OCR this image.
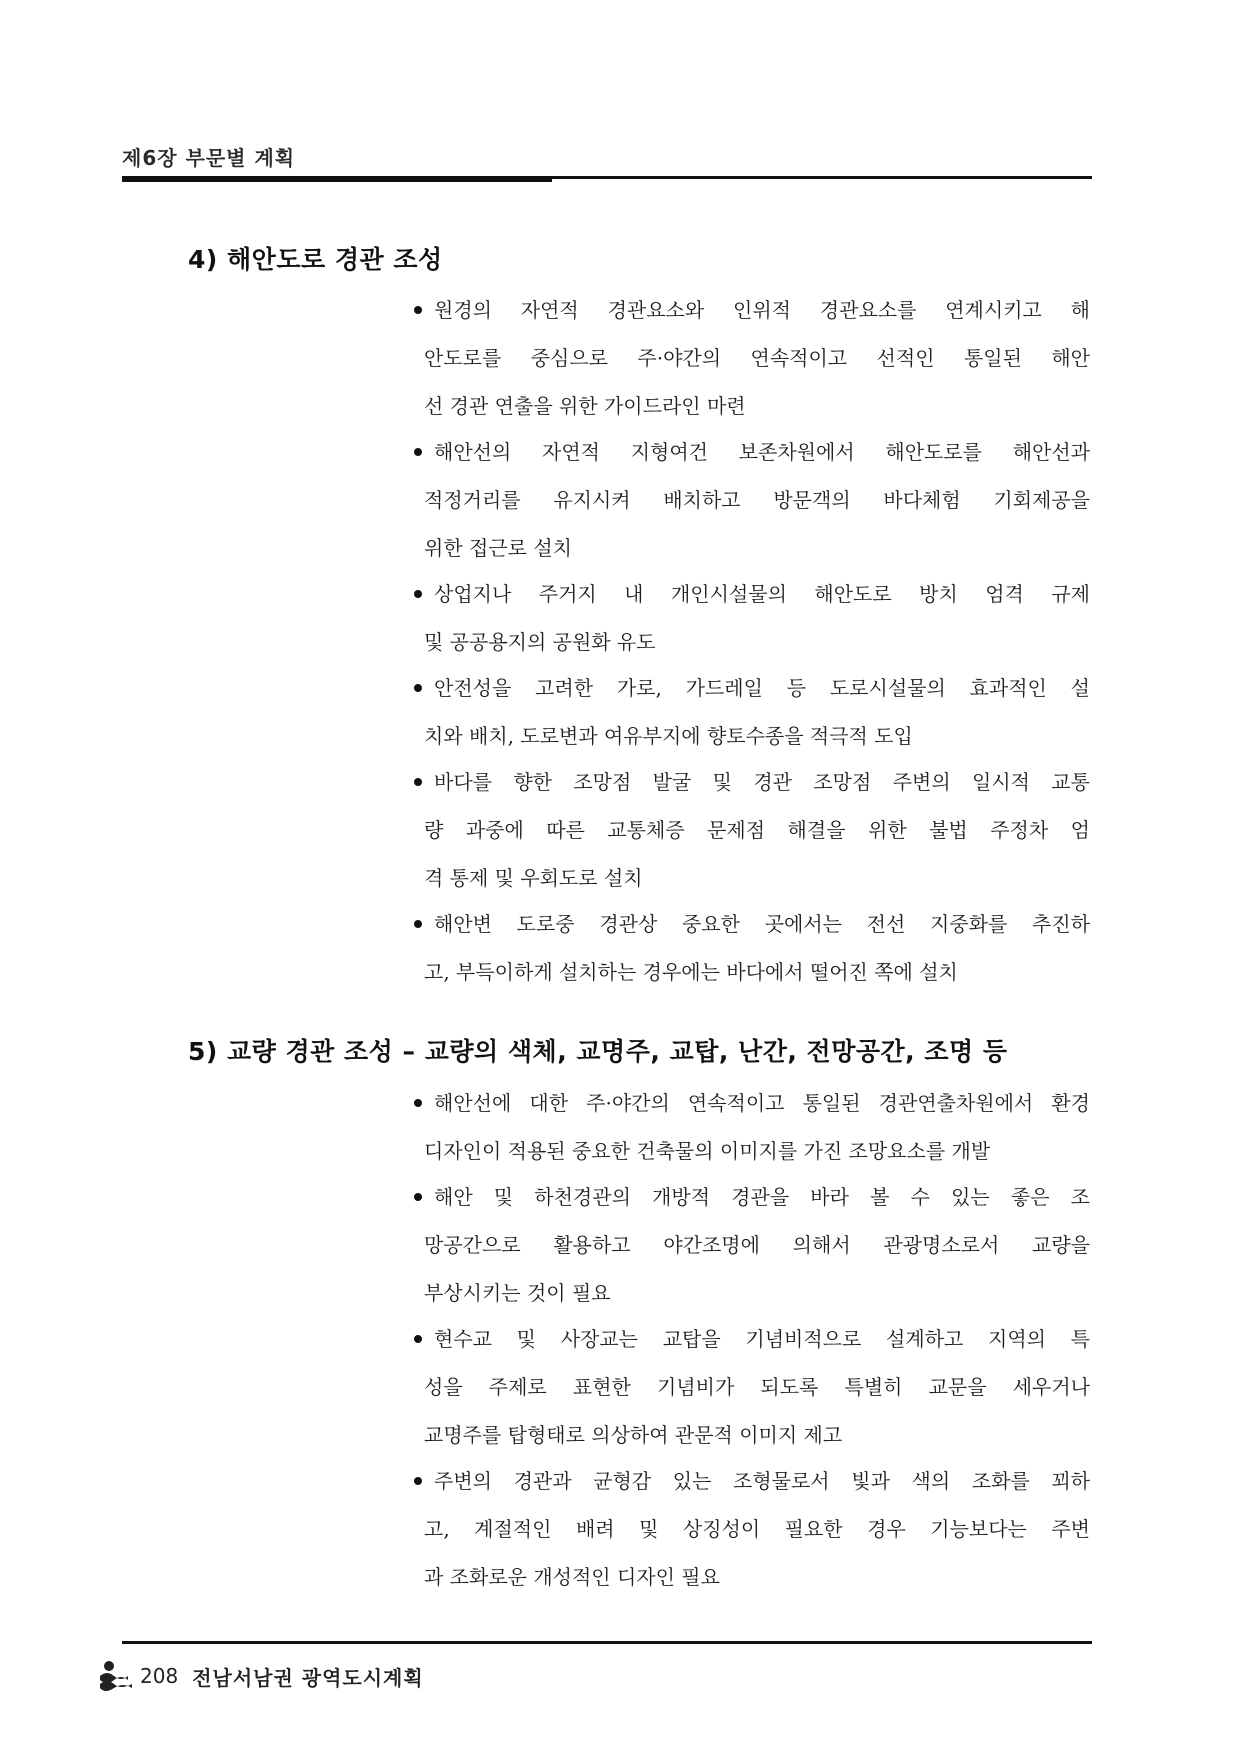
제6장 부문별 계획
4) 해안도로 경관 조성
원경의 자연적 경관요소와 인위적 경관요소를 연계시키고 해
안도로를 중심으로 주·야간의 연속적이고 선적인 통일된 해안
선 경관 연출을 위한 가이드라인 마련
해안선의 자연적 지형여건 보존차원에서 해안도로를 해안선과
적정거리를 유지시켜 배치하고 방문객의 바다체험 기회제공을
위한 접근로 설치
상업지나 주거지 내 개인시설물의 해안도로 방치 엄격 규제
및 공공용지의 공원화 유도
안전성을 고려한 가로, 가드레일 등 도로시설물의 효과적인 설
치와 배치, 도로변과 여유부지에 향토수종을 적극적 도입
바다를 향한 조망점 발굴 및 경관 조망점 주변의 일시적 교통
량 과중에 따른 교통체증 문제점 해결을 위한 불법 주정차 엄
격 통제 및 우회도로 설치
해안변 도로중 경관상 중요한 곳에서는 전선 지중화를 추진하
고, 부득이하게 설치하는 경우에는 바다에서 떨어진 쪽에 설치
5) 교량 경관 조성 – 교량의 색체, 교명주, 교탑, 난간, 전망공간, 조명 등
해안선에 대한 주·야간의 연속적이고 통일된 경관연출차원에서 환경
디자인이 적용된 중요한 건축물의 이미지를 가진 조망요소를 개발
해안 및 하천경관의 개방적 경관을 바라 볼 수 있는 좋은 조
망공간으로 활용하고 야간조명에 의해서 관광명소로서 교량을
부상시키는 것이 필요
현수교 및 사장교는 교탑을 기념비적으로 설계하고 지역의 특
성을 주제로 표현한 기념비가 되도록 특별히 교문을 세우거나
교명주를 탑형태로 의상하여 관문적 이미지 제고
주변의 경관과 균형감 있는 조형물로서 빛과 색의 조화를 꾀하
고, 계절적인 배려 및 상징성이 필요한 경우 기능보다는 주변
과 조화로운 개성적인 디자인 필요
208 전남서남권 광역도시계획
